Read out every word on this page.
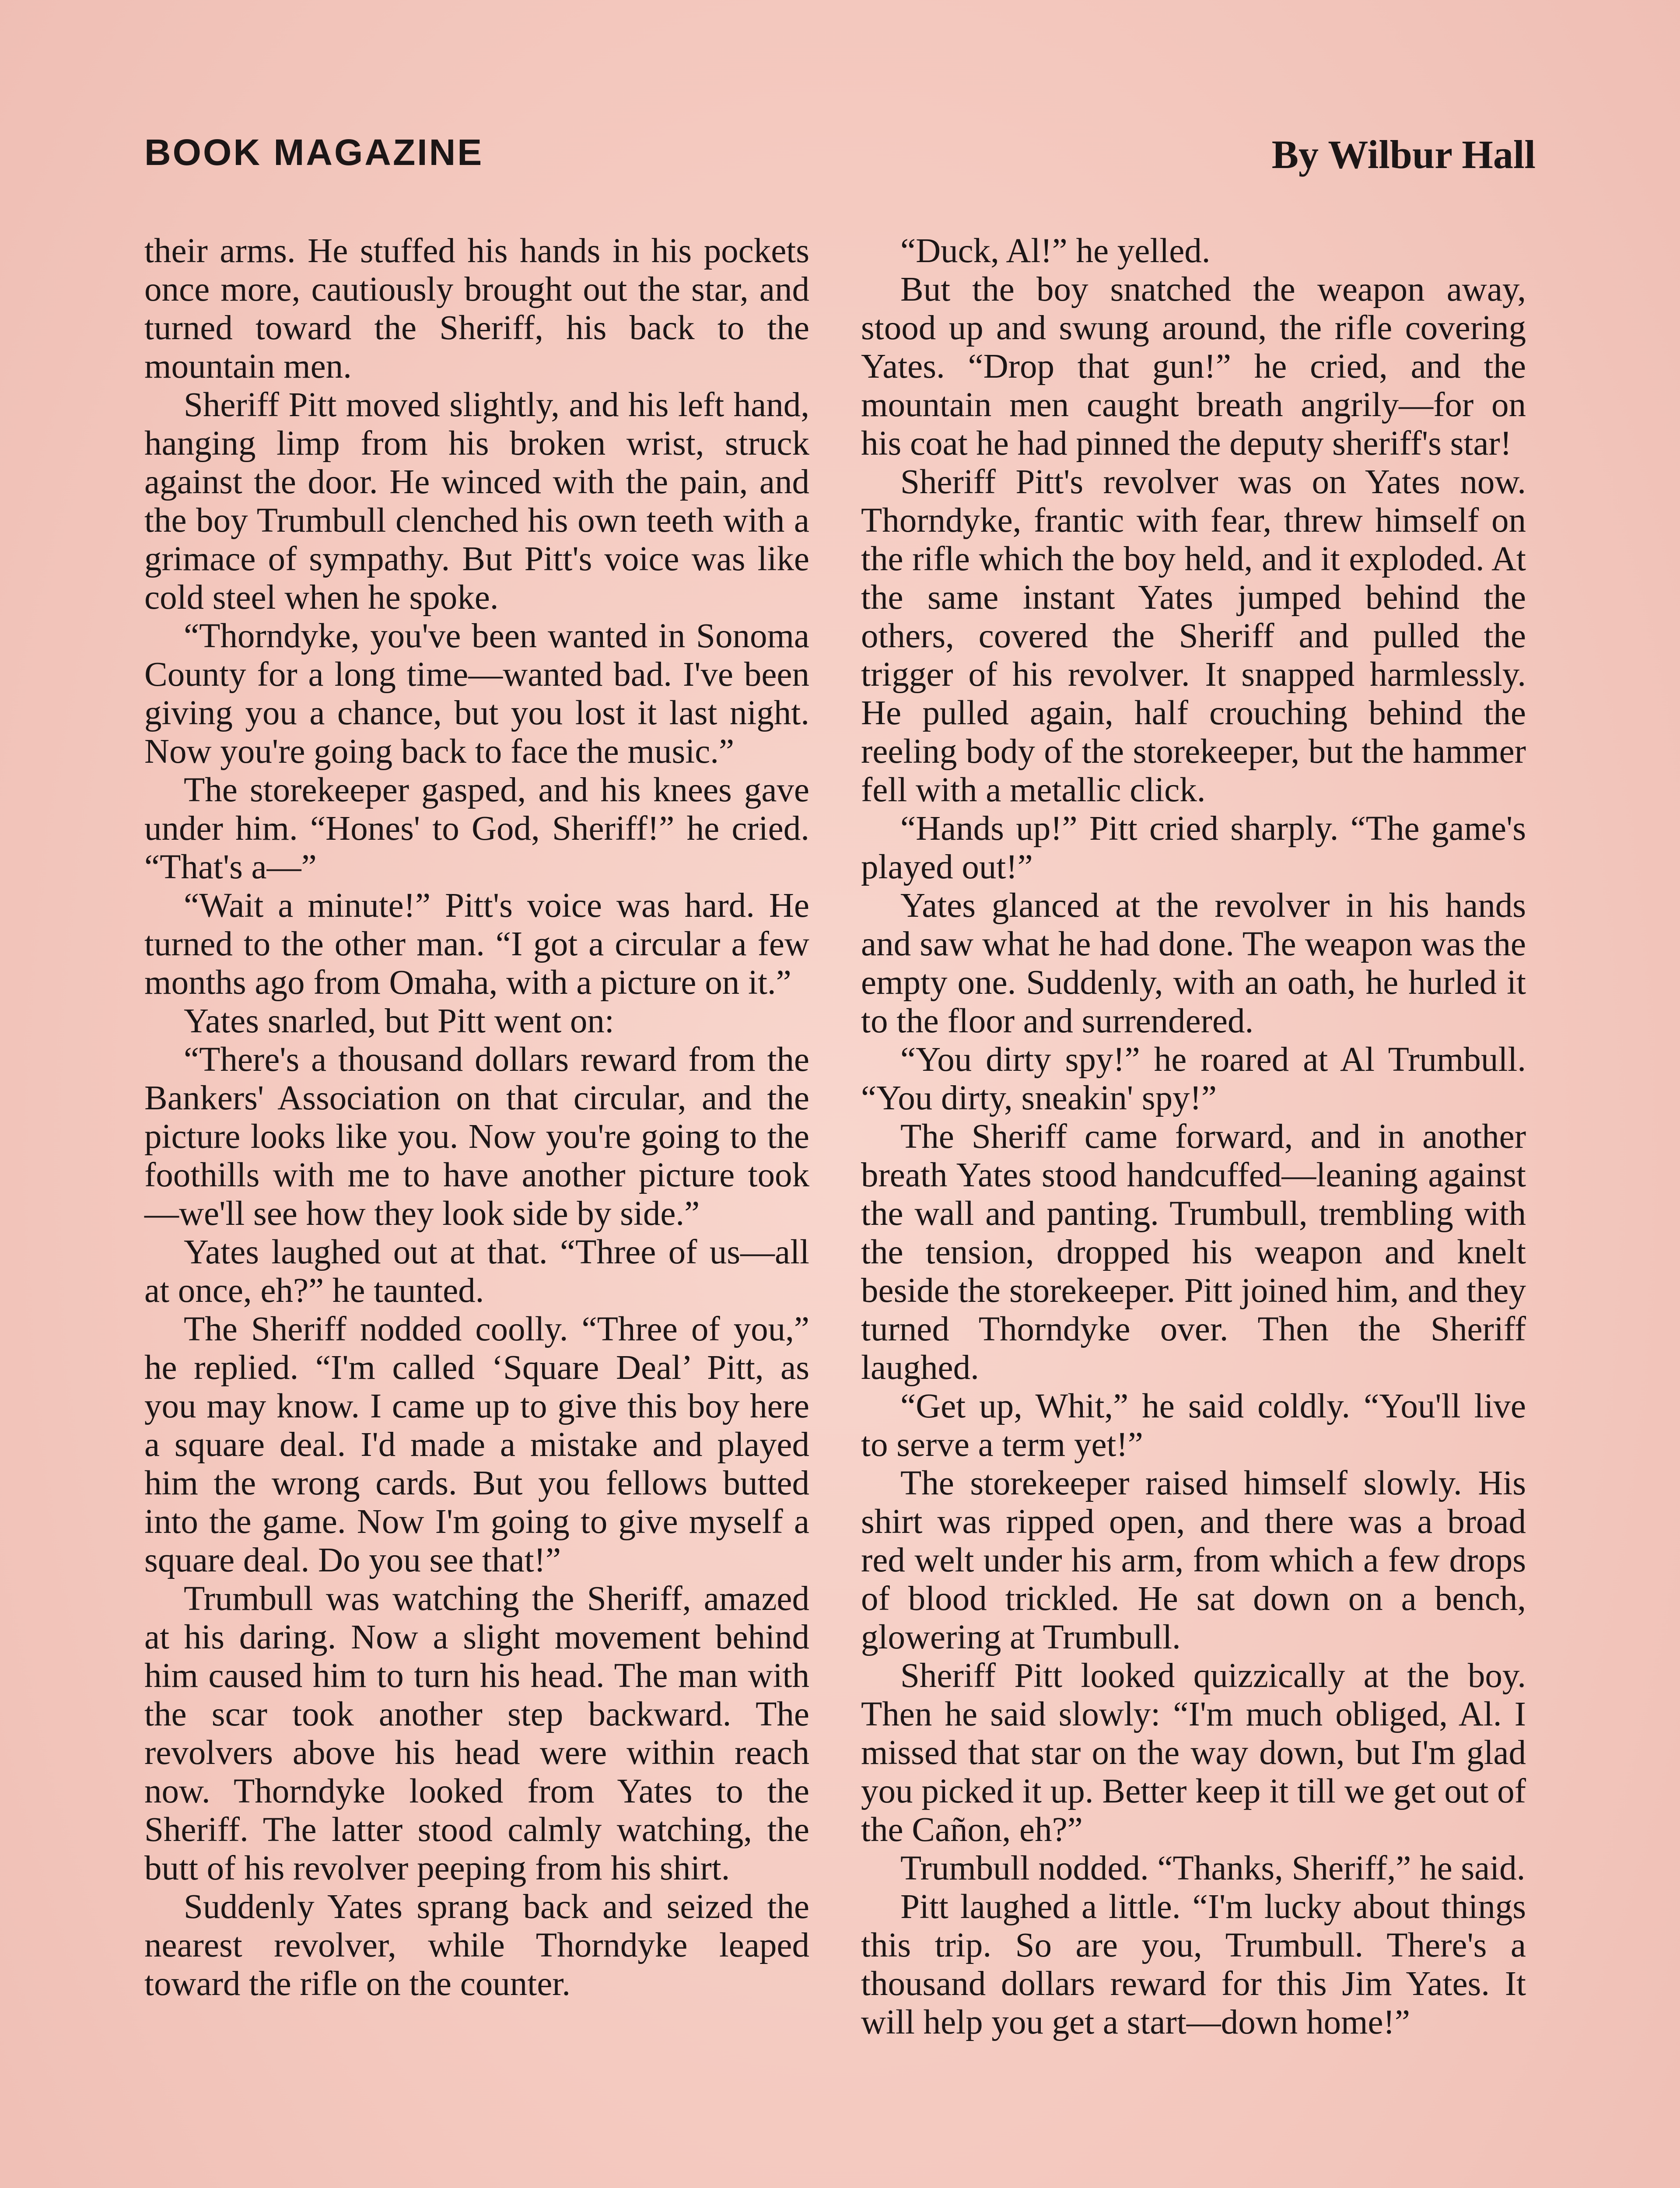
BOOK MAGAZINE	By Wilbur Hall

their arms. He stuffed his hands in his pockets once more, cautiously brought out the star, and turned toward the Sheriff, his back to the mountain men.

Sheriff Pitt moved slightly, and his left hand, hanging limp from his broken wrist, struck against the door. He winced with the pain, and the boy Trumbull clenched his own teeth with a grimace of sympathy. But Pitt's voice was like cold steel when he spoke.

“Thorndyke, you've been wanted in Sonoma County for a long time—wanted bad. I've been giving you a chance, but you lost it last night. Now you're going back to face the music.”

The storekeeper gasped, and his knees gave under him. “Hones' to God, Sheriff!” he cried. “That's a—”

“Wait a minute!” Pitt's voice was hard. He turned to the other man. “I got a circular a few months ago from Omaha, with a picture on it.”

Yates snarled, but Pitt went on:

“There's a thousand dollars reward from the Bankers' Association on that circular, and the picture looks like you. Now you're going to the foothills with me to have another picture took—we'll see how they look side by side.”

Yates laughed out at that. “Three of us—all at once, eh?” he taunted.

The Sheriff nodded coolly. “Three of you,” he replied. “I'm called ‘Square Deal’ Pitt, as you may know. I came up to give this boy here a square deal. I'd made a mistake and played him the wrong cards. But you fellows butted into the game. Now I'm going to give myself a square deal. Do you see that!”

Trumbull was watching the Sheriff, amazed at his daring. Now a slight movement behind him caused him to turn his head. The man with the scar took another step backward. The revolvers above his head were within reach now. Thorndyke looked from Yates to the Sheriff. The latter stood calmly watching, the butt of his revolver peeping from his shirt.

Suddenly Yates sprang back and seized the nearest revolver, while Thorndyke leaped toward the rifle on the counter.

“Duck, Al!” he yelled.

But the boy snatched the weapon away, stood up and swung around, the rifle covering Yates. “Drop that gun!” he cried, and the mountain men caught breath angrily—for on his coat he had pinned the deputy sheriff's star!

Sheriff Pitt's revolver was on Yates now. Thorndyke, frantic with fear, threw himself on the rifle which the boy held, and it exploded. At the same instant Yates jumped behind the others, covered the Sheriff and pulled the trigger of his revolver. It snapped harmlessly. He pulled again, half crouching behind the reeling body of the storekeeper, but the hammer fell with a metallic click.

“Hands up!” Pitt cried sharply. “The game's played out!”

Yates glanced at the revolver in his hands and saw what he had done. The weapon was the empty one. Suddenly, with an oath, he hurled it to the floor and surrendered.

“You dirty spy!” he roared at Al Trumbull. “You dirty, sneakin' spy!”

The Sheriff came forward, and in another breath Yates stood handcuffed—leaning against the wall and panting. Trumbull, trembling with the tension, dropped his weapon and knelt beside the storekeeper. Pitt joined him, and they turned Thorndyke over. Then the Sheriff laughed.

“Get up, Whit,” he said coldly. “You'll live to serve a term yet!”

The storekeeper raised himself slowly. His shirt was ripped open, and there was a broad red welt under his arm, from which a few drops of blood trickled. He sat down on a bench, glowering at Trumbull.

Sheriff Pitt looked quizzically at the boy. Then he said slowly: “I'm much obliged, Al. I missed that star on the way down, but I'm glad you picked it up. Better keep it till we get out of the Cañon, eh?”

Trumbull nodded. “Thanks, Sheriff,” he said.

Pitt laughed a little. “I'm lucky about things this trip. So are you, Trumbull. There's a thousand dollars reward for this Jim Yates. It will help you get a start—down home!”
